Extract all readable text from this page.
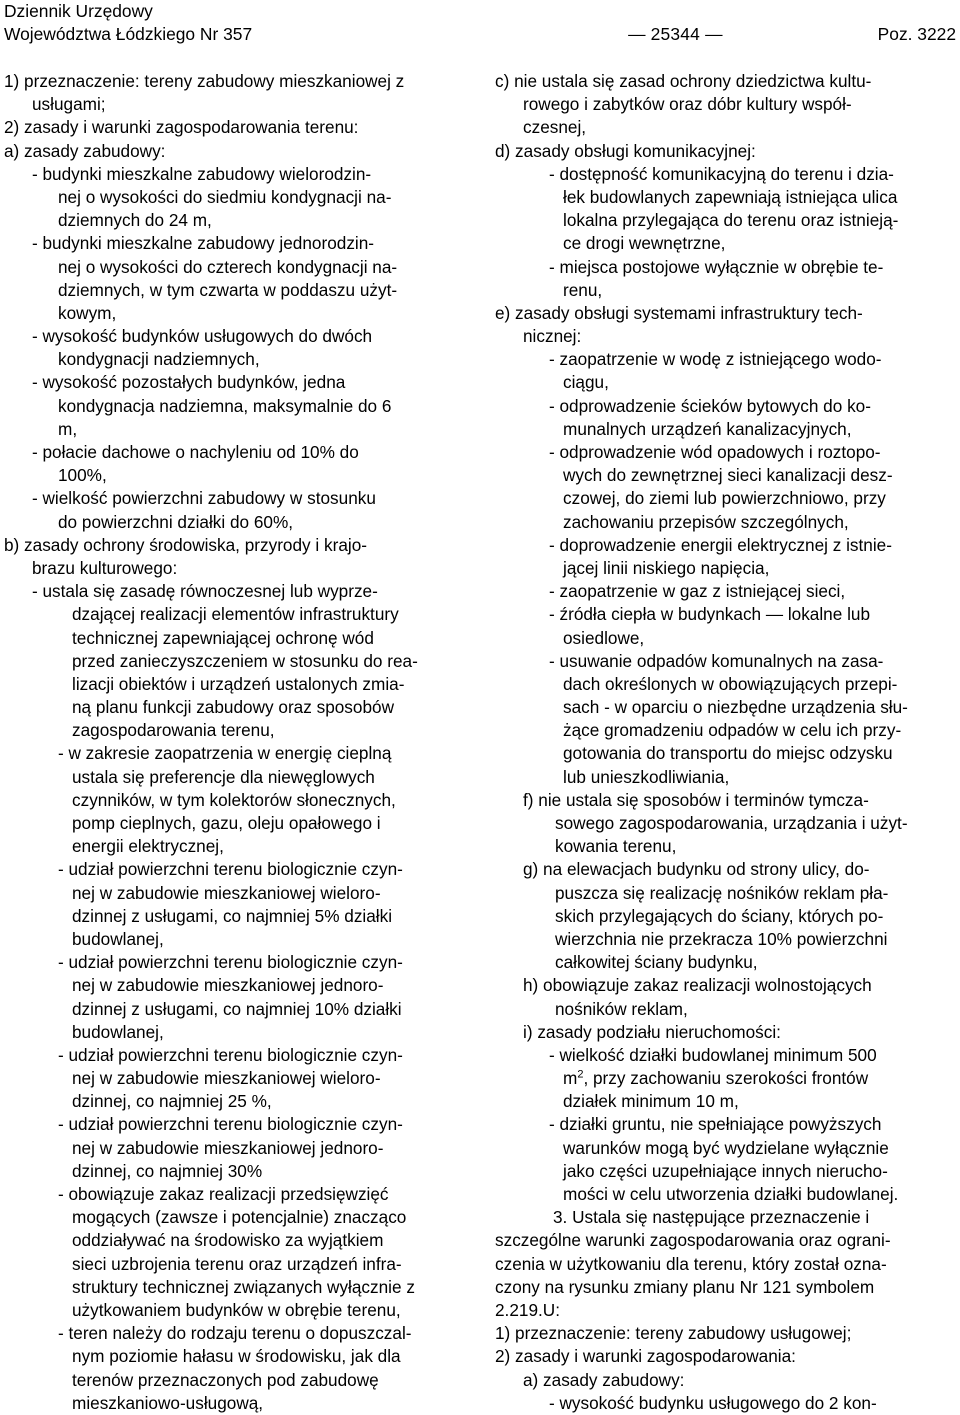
Dziennik Urzędowy
Województwa Łódzkiego Nr 357	— 25344 —	Poz. 3222
1) przeznaczenie: tereny zabudowy mieszkaniowej z
usługami;
2) zasady i warunki zagospodarowania terenu:
a) zasady zabudowy:
- budynki mieszkalne zabudowy wielorodzin-
nej o wysokości do siedmiu kondygnacji na-
dziemnych do 24 m,
- budynki mieszkalne zabudowy jednorodzin-
nej o wysokości do czterech kondygnacji na-
dziemnych, w tym czwarta w poddaszu użyt-
kowym,
- wysokość budynków usługowych do dwóch
kondygnacji nadziemnych,
- wysokość pozostałych budynków, jedna
kondygnacja nadziemna, maksymalnie do 6
m,
- połacie dachowe o nachyleniu od 10% do
100%,
- wielkość powierzchni zabudowy w stosunku
do powierzchni działki do 60%,
b) zasady ochrony środowiska, przyrody i krajo-
brazu kulturowego:
- ustala się zasadę równoczesnej lub wyprze-
dzającej realizacji elementów infrastruktury
technicznej zapewniającej ochronę wód
przed zanieczyszczeniem w stosunku do rea-
lizacji obiektów i urządzeń ustalonych zmia-
ną planu funkcji zabudowy oraz sposobów
zagospodarowania terenu,
- w zakresie zaopatrzenia w energię cieplną
ustala się preferencje dla niewęglowych
czynników, w tym kolektorów słonecznych,
pomp cieplnych, gazu, oleju opałowego i
energii elektrycznej,
- udział powierzchni terenu biologicznie czyn-
nej w zabudowie mieszkaniowej wieloro-
dzinnej z usługami, co najmniej 5% działki
budowlanej,
- udział powierzchni terenu biologicznie czyn-
nej w zabudowie mieszkaniowej jednoro-
dzinnej z usługami, co najmniej 10% działki
budowlanej,
- udział powierzchni terenu biologicznie czyn-
nej w zabudowie mieszkaniowej wieloro-
dzinnej, co najmniej 25 %,
- udział powierzchni terenu biologicznie czyn-
nej w zabudowie mieszkaniowej jednoro-
dzinnej, co najmniej 30%
- obowiązuje zakaz realizacji przedsięwzięć
mogących (zawsze i potencjalnie) znacząco
oddziaływać na środowisko za wyjątkiem
sieci uzbrojenia terenu oraz urządzeń infra-
struktury technicznej związanych wyłącznie z
użytkowaniem budynków w obrębie terenu,
- teren należy do rodzaju terenu o dopuszczal-
nym poziomie hałasu w środowisku, jak dla
terenów przeznaczonych pod zabudowę
mieszkaniowo-usługową,
c) nie ustala się zasad ochrony dziedzictwa kultu-
rowego i zabytków oraz dóbr kultury współ-
czesnej,
d) zasady obsługi komunikacyjnej:
- dostępność komunikacyjną do terenu i dzia-
łek budowlanych zapewniają istniejąca ulica
lokalna przylegająca do terenu oraz istnieją-
ce drogi wewnętrzne,
- miejsca postojowe wyłącznie w obrębie te-
renu,
e) zasady obsługi systemami infrastruktury tech-
nicznej:
- zaopatrzenie w wodę z istniejącego wodo-
ciągu,
- odprowadzenie ścieków bytowych do ko-
munalnych urządzeń kanalizacyjnych,
- odprowadzenie wód opadowych i roztopo-
wych do zewnętrznej sieci kanalizacji desz-
czowej, do ziemi lub powierzchniowo, przy
zachowaniu przepisów szczególnych,
- doprowadzenie energii elektrycznej z istnie-
jącej linii niskiego napięcia,
- zaopatrzenie w gaz z istniejącej sieci,
- źródła ciepła w budynkach — lokalne lub
osiedlowe,
- usuwanie odpadów komunalnych na zasa-
dach określonych w obowiązujących przepi-
sach - w oparciu o niezbędne urządzenia słu-
żące gromadzeniu odpadów w celu ich przy-
gotowania do transportu do miejsc odzysku
lub unieszkodliwiania,
f) nie ustala się sposobów i terminów tymcza-
sowego zagospodarowania, urządzania i użyt-
kowania terenu,
g) na elewacjach budynku od strony ulicy, do-
puszcza się realizację nośników reklam pła-
skich przylegających do ściany, których po-
wierzchnia nie przekracza 10% powierzchni
całkowitej ściany budynku,
h) obowiązuje zakaz realizacji wolnostojących
nośników reklam,
i) zasady podziału nieruchomości:
- wielkość działki budowlanej minimum 500
$m^2$, przy zachowaniu szerokości frontów
działek minimum 10 m,
- działki gruntu, nie spełniające powyższych
warunków mogą być wydzielane wyłącznie
jako części uzupełniające innych nierucho-
mości w celu utworzenia działki budowlanej.
3. Ustala się następujące przeznaczenie i
szczególne warunki zagospodarowania oraz ograni-
czenia w użytkowaniu dla terenu, który został ozna-
czony na rysunku zmiany planu Nr 121 symbolem
2.219.U:
1) przeznaczenie: tereny zabudowy usługowej;
2) zasady i warunki zagospodarowania:
a) zasady zabudowy:
- wysokość budynku usługowego do 2 kon-
